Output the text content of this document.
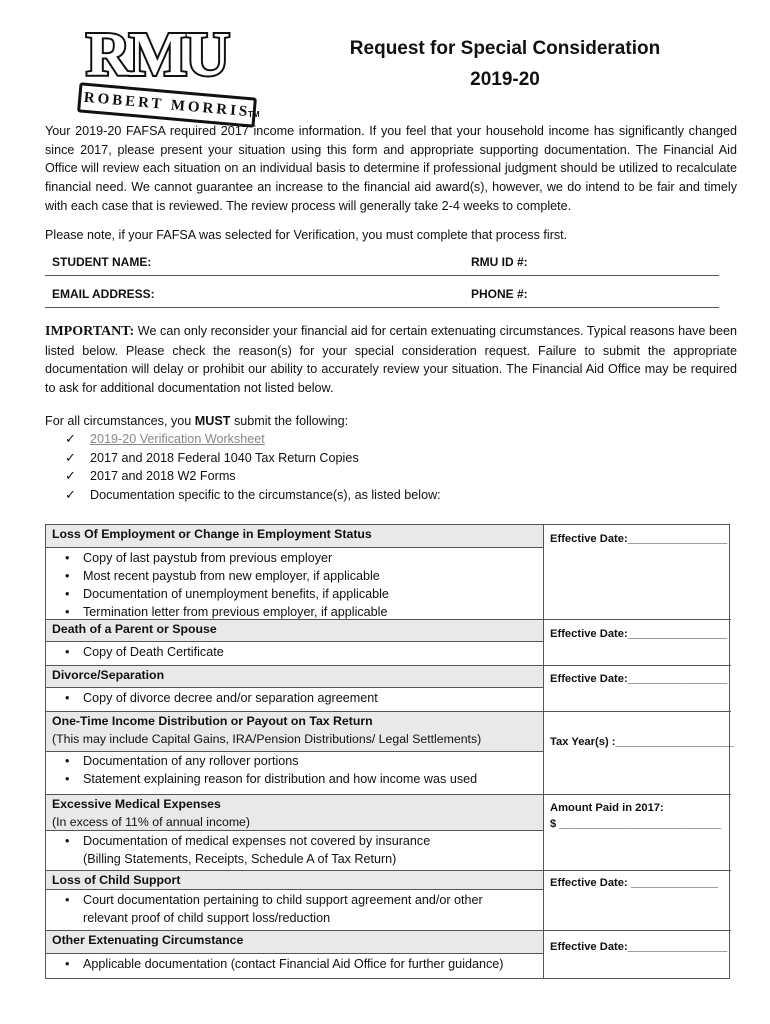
RMU
ROBERT MORRIS
TM
Request for Special Consideration
2019-20

Your 2019-20 FAFSA required 2017 income information. If you feel that your household income has significantly changed since 2017, please present your situation using this form and appropriate supporting documentation. The Financial Aid Office will review each situation on an individual basis to determine if professional judgment should be utilized to recalculate financial need. We cannot guarantee an increase to the financial aid award(s), however, we do intend to be fair and timely with each case that is reviewed. The review process will generally take 2-4 weeks to complete.

Please note, if your FAFSA was selected for Verification, you must complete that process first.

STUDENT NAME:	RMU ID #:
EMAIL ADDRESS:	PHONE #:

IMPORTANT: We can only reconsider your financial aid for certain extenuating circumstances. Typical reasons have been listed below. Please check the reason(s) for your special consideration request. Failure to submit the appropriate documentation will delay or prohibit our ability to accurately review your situation. The Financial Aid Office may be required to ask for additional documentation not listed below.

For all circumstances, you MUST submit the following:

✓ 2019-20 Verification Worksheet
✓ 2017 and 2018 Federal 1040 Tax Return Copies
✓ 2017 and 2018 W2 Forms
✓ Documentation specific to the circumstance(s), as listed below:
Loss Of Employment or Change in Employment Status	Effective Date:________________
• Copy of last paystub from previous employer
• Most recent paystub from new employer, if applicable
• Documentation of unemployment benefits, if applicable
• Termination letter from previous employer, if applicable
Death of a Parent or Spouse	Effective Date:________________
• Copy of Death Certificate
Divorce/Separation	Effective Date:________________
• Copy of divorce decree and/or separation agreement
One-Time Income Distribution or Payout on Tax Return
(This may include Capital Gains, IRA/Pension Distributions/ Legal Settlements)	Tax Year(s) :___________________
• Documentation of any rollover portions
• Statement explaining reason for distribution and how income was used
Excessive Medical Expenses
(In excess of 11% of annual income)
Amount Paid in 2017:
$ __________________________
• Documentation of medical expenses not covered by insurance
(Billing Statements, Receipts, Schedule A of Tax Return)
Loss of Child Support	Effective Date: ______________
• Court documentation pertaining to child support agreement and/or other
relevant proof of child support loss/reduction
Other Extenuating Circumstance	Effective Date:________________
• Applicable documentation (contact Financial Aid Office for further guidance)
